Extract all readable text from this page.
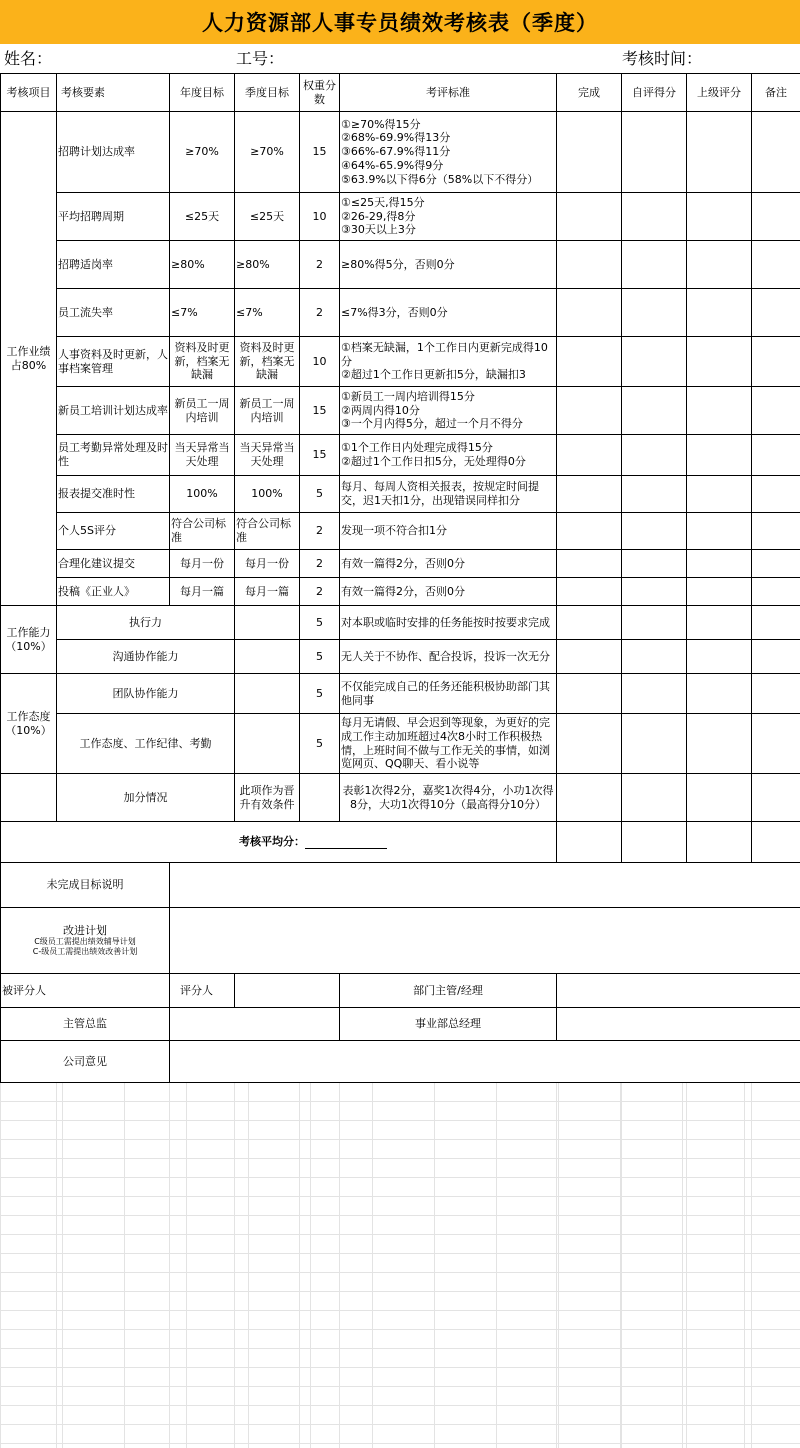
人力资源部人事专员绩效考核表（季度）
姓名：	工号：	考核时间：
考核项目	考核要素	年度目标	季度目标	权重分数	考评标准	完成	自评得分	上级评分	备注
工作业绩占80%	招聘计划达成率	≥70%	≥70%	15	①≥70%得15分
②68%-69.9%得13分
③66%-67.9%得11分
④64%-65.9%得9分
⑤63.9%以下得6分（58%以下不得分）				

	平均招聘周期	≤25天	≤25天	10	①≤25天,得15分
②26-29,得8分
③30天以上3分				

	招聘适岗率	≥80%	≥80%	2	≥80%得5分，否则0分				
	员工流失率	≤7%	≤7%	2	≤7%得3分，否则0分				
	人事资料及时更新，人事档案管理	资料及时更新，档案无缺漏	资料及时更新，档案无缺漏	10	①档案无缺漏，1个工作日内更新完成得10分
②超过1个工作日更新扣5分，缺漏扣3				

	新员工培训计划达成率	新员工一周内培训	新员工一周内培训	15	①新员工一周内培训得15分
②两周内得10分
③一个月内得5分，超过一个月不得分				

	员工考勤异常处理及时性	当天异常当天处理	当天异常当天处理	15	①1个工作日内处理完成得15分
②超过1个工作日扣5分，无处理得0分				

	报表提交准时性	100%	100%	5	每月、每周人资相关报表，按规定时间提交，迟1天扣1分，出现错误同样扣分				
	个人5S评分	符合公司标准	符合公司标准	2	发现一项不符合扣1分				
	合理化建议提交	每月一份	每月一份	2	有效一篇得2分，否则0分				
	投稿《正业人》	每月一篇	每月一篇	2	有效一篇得2分，否则0分				
工作能力（10%）	执行力			5	对本职或临时安排的任务能按时按要求完成				
	沟通协作能力			5	无人关于不协作、配合投诉，投诉一次无分				
工作态度（10%）	团队协作能力			5	不仅能完成自己的任务还能积极协助部门其他同事				
	工作态度、工作纪律、考勤			5	每月无请假、早会迟到等现象，为更好的完成工作主动加班超过4次8小时工作积极热情，上班时间不做与工作无关的事情，如浏览网页、QQ聊天、看小说等				
	加分情况		此项作为晋升有效条件		表彰1次得2分，嘉奖1次得4分，小功1次得8分，大功1次得10分（最高得分10分）				
考核平均分：									
未完成目标说明									

改进计划
C级员工需提出绩效辅导计划
C-级员工需提出绩效改善计划									

被评分人		评分人			部门主管/经理				
主管总监					事业部总经理				
公司意见									
